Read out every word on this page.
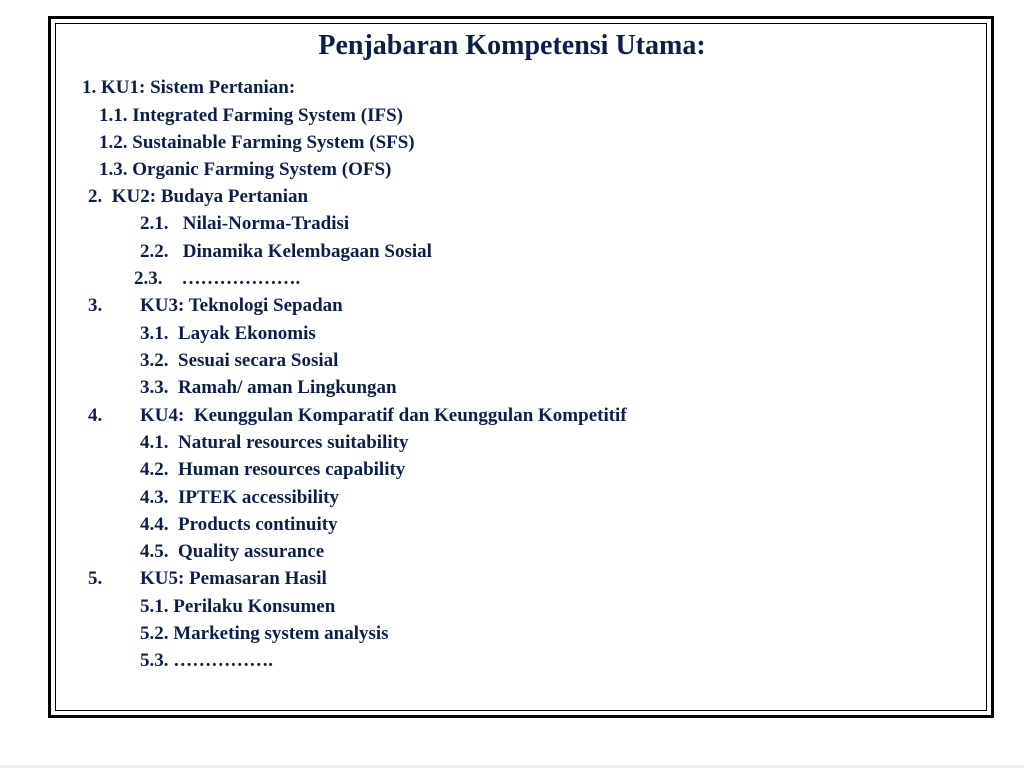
Penjabaran Kompetensi Utama:

1. KU1: Sistem Pertanian:

1.1. Integrated Farming System (IFS)

1.2. Sustainable Farming System (SFS)

1.3. Organic Farming System (OFS)

2. KU2: Budaya Pertanian

2.1. Nilai-Norma-Tradisi

2.2. Dinamika Kelembagaan Sosial

2.3. ……………….

3. KU3: Teknologi Sepadan

3.1. Layak Ekonomis

3.2. Sesuai secara Sosial

3.3. Ramah/ aman Lingkungan

4. KU4:  Keunggulan Komparatif dan Keunggulan Kompetitif

4.1. Natural resources suitability

4.2. Human resources capability

4.3. IPTEK accessibility

4.4. Products continuity

4.5. Quality assurance

5. KU5: Pemasaran Hasil

5.1. Perilaku Konsumen

5.2. Marketing system analysis

5.3. …………….
